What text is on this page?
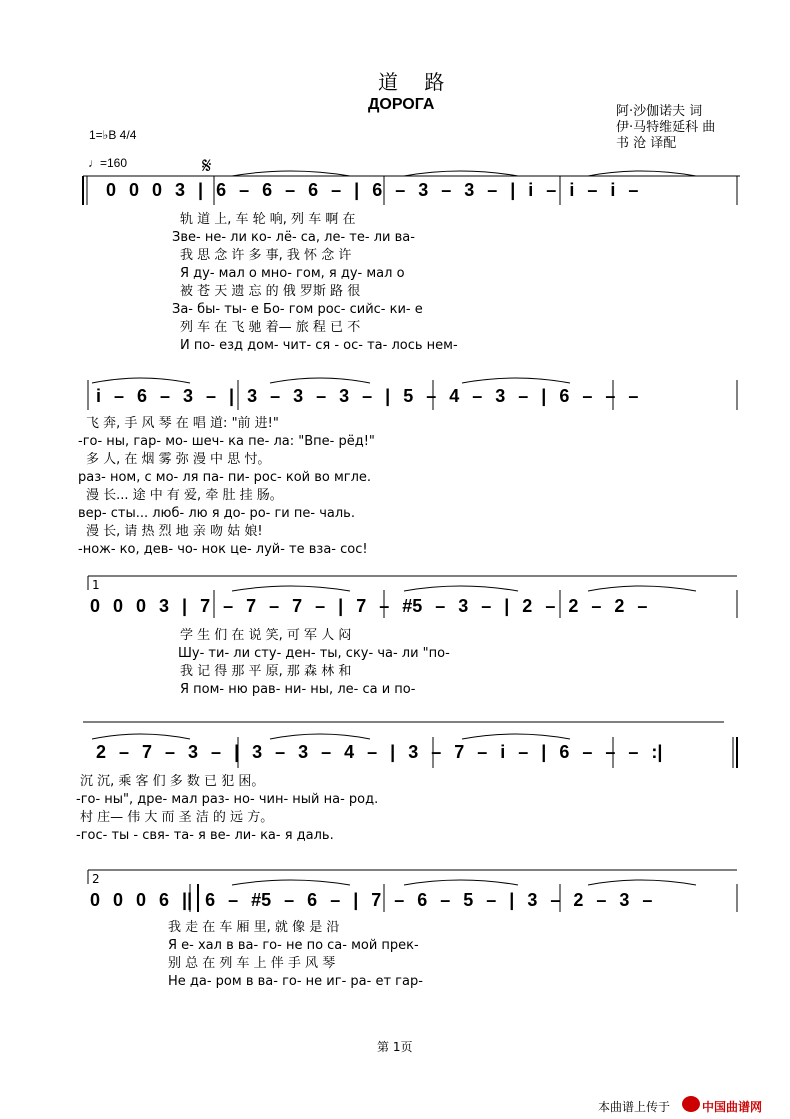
道 路
ДОРОГА	阿·沙伽诺夫 词
伊·马特维延科 曲
书 沧 译配
1=♭B 4/4
♩=160	𝄋
0 0 0 3 | 6 – 6 – 6 – | 6 – 3 – 3 – | i – i – i –
轨 道 上, 车 轮 响, 列 车 啊 在
Зве- не- ли ко- лё- са, ле- те- ли ва-
我 思 念 许 多 事, 我 怀 念 许
Я ду- мал о мно- гом, я ду- мал о
被 苍 天 遗 忘 的 俄 罗斯 路 很
За- бы- ты- е Бо- гом рос- сийс- ки- е
列 车 在 飞 驰 着— 旅 程 已 不
И по- езд дом- чит- ся - ос- та- лось нем-
i – 6 – 3 – | 3 – 3 – 3 – | 5 – 4 – 3 – | 6 – – –
飞 奔, 手 风 琴 在 唱 道: "前 进!"
-го- ны, гар- мо- шеч- ка пе- ла: "Впе- рёд!"
多 人, 在 烟 雾 弥 漫 中 思 忖。
раз- ном, с мо- ля па- пи- рос- кой во мгле.
漫 长... 途 中 有 爱, 牵 肚 挂 肠。
вер- сты... люб- лю я до- ро- ги пе- чаль.
漫 长, 请 热 烈 地 亲 吻 姑 娘!
-нож- ко, дев- чо- нок це- луй- те вза- сос!
1
0 0 0 3 | 7 – 7 – 7 – | 7 – #5 – 3 – | 2 – 2 – 2 –
学 生 们 在 说 笑, 可 军 人 闷
Шу- ти- ли сту- ден- ты, ску- ча- ли "по-
我 记 得 那 平 原, 那 森 林 和
Я пом- ню рав- ни- ны, ле- са и по-
2 – 7 – 3 – | 3 – 3 – 4 – | 3 – 7 – i – | 6 – – – :|
沉 沉, 乘 客 们 多 数 已 犯 困。
-го- ны", дре- мал раз- но- чин- ный на- род.
村 庄— 伟 大 而 圣 洁 的 远 方。
-гос- ты - свя- та- я ве- ли- ка- я даль.
2
0 0 0 6 || 6 – #5 – 6 – | 7 – 6 – 5 – | 3 – 2 – 3 –
我 走 在 车 厢 里, 就 像 是 沿
Я е- хал в ва- го- не по са- мой прек-
别 总 在 列 车 上 伴 手 风 琴
Не да- ром в ва- го- не иг- ра- ет гар-
第 1页
本曲谱上传于	中国曲谱网
